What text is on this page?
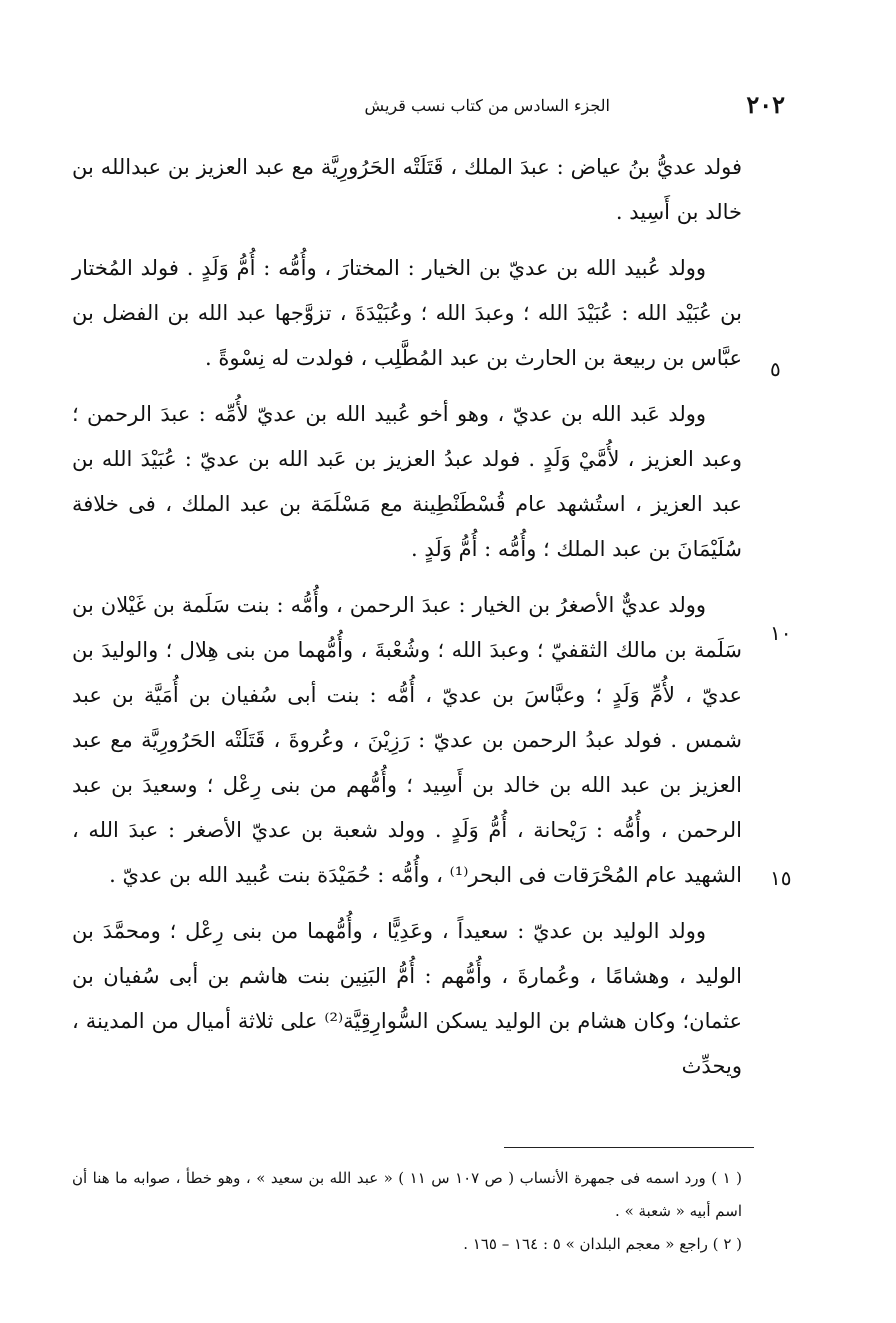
٢٠٢
الجزء السادس من كتاب نسب قريش
٥
١٠
١٥

فولد عديُّ بنُ عياض : عبدَ الملك ، قَتَلَتْه الحَرُورِيَّة مع عبد العزيز بن عبدالله بن خالد بن أَسِيد .

وولد عُبيد الله بن عديّ بن الخيار : المختارَ ، وأُمُّه : أُمُّ وَلَدٍ . فولد المُختار بن عُبَيْد الله : عُبَيْدَ الله ؛ وعبدَ الله ؛ وعُبَيْدَةَ ، تزوَّجها عبد الله بن الفضل بن عبَّاس بن ربيعة بن الحارث بن عبد المُطَّلِب ، فولدت له نِسْوةً .

وولد عَبد الله بن عديّ ، وهو أخو عُبيد الله بن عديّ لأُمِّه : عبدَ الرحمن ؛ وعبد العزيز ، لأُمَّيْ وَلَدٍ . فولد عبدُ العزيز بن عَبد الله بن عديّ : عُبَيْدَ الله بن عبد العزيز ، استُشهد عام قُسْطَنْطِينة مع مَسْلَمَة بن عبد الملك ، فى خلافة سُلَيْمَانَ بن عبد الملك ؛ وأُمُّه : أُمُّ وَلَدٍ .

وولد عديٌّ الأصغرُ بن الخيار : عبدَ الرحمن ، وأُمُّه : بنت سَلَمة بن غَيْلان بن سَلَمة بن مالك الثقفيّ ؛ وعبدَ الله ؛ وشُعْبةَ ، وأُمُّهما من بنى هِلال ؛ والوليدَ بن عديّ ، لأُمِّ وَلَدٍ ؛ وعبَّاسَ بن عديّ ، أُمُّه : بنت أبى سُفيان بن أُمَيَّة بن عبد شمس . فولد عبدُ الرحمن بن عديّ : رَزِيْنَ ، وعُروةَ ، قَتَلَتْه الحَرُورِيَّة مع عبد العزيز بن عبد الله بن خالد بن أَسِيد ؛ وأُمُّهم من بنى رِعْل ؛ وسعيدَ بن عبد الرحمن ، وأُمُّه : رَيْحانة ، أُمُّ وَلَدٍ . وولد شعبة بن عديّ الأصغر : عبدَ الله ، الشهيد عام المُحْرَقات فى البحر⁽¹⁾ ، وأُمُّه : حُمَيْدَة بنت عُبيد الله بن عديّ .

وولد الوليد بن عديّ : سعيداً ، وعَدِيًّا ، وأُمُّهما من بنى رِعْل ؛ ومحمَّدَ بن الوليد ، وهشامًا ، وعُمارةَ ، وأُمُّهم : أُمُّ البَنِين بنت هاشم بن أبى سُفيان بن عثمان؛ وكان هشام بن الوليد يسكن السُّوارِقِيَّة⁽²⁾ على ثلاثة أميال من المدينة ، ويحدِّث

( ١ ) ورد اسمه فى جمهرة الأنساب ( ص ١٠٧ س ١١ ) « عبد الله بن سعيد » ، وهو خطأ ، صوابه ما هنا أن اسم أبيه « شعبة » .

( ٢ ) راجع « معجم البلدان » ٥ : ١٦٤ – ١٦٥ .
